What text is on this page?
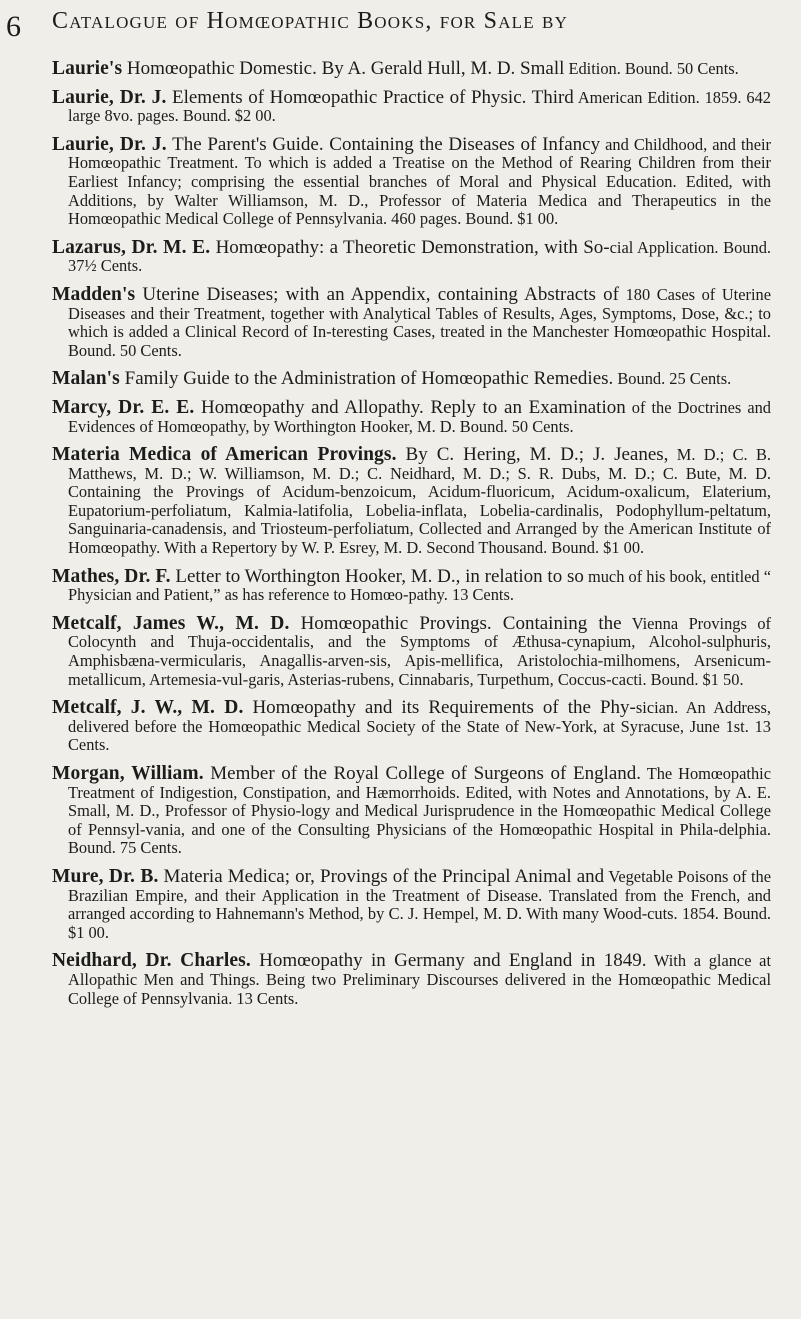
6 Catalogue of Homœopathic Books, for Sale by

Laurie's Homœopathic Domestic. By A. Gerald Hull, M. D. Small Edition. Bound. 50 Cents.

Laurie, Dr. J. Elements of Homœopathic Practice of Physic. Third American Edition. 1859. 642 large 8vo. pages. Bound. $2 00.

Laurie, Dr. J. The Parent's Guide. Containing the Diseases of Infancy and Childhood, and their Homœopathic Treatment. To which is added a Treatise on the Method of Rearing Children from their Earliest Infancy; comprising the essential branches of Moral and Physical Education. Edited, with Additions, by Walter Williamson, M. D., Professor of Materia Medica and Therapeutics in the Homœopathic Medical College of Pennsylvania. 460 pages. Bound. $1 00.

Lazarus, Dr. M. E. Homœopathy: a Theoretic Demonstration, with So-cial Application. Bound. 37½ Cents.

Madden's Uterine Diseases; with an Appendix, containing Abstracts of 180 Cases of Uterine Diseases and their Treatment, together with Analytical Tables of Results, Ages, Symptoms, Dose, &c.; to which is added a Clinical Record of In-teresting Cases, treated in the Manchester Homœopathic Hospital. Bound. 50 Cents.

Malan's Family Guide to the Administration of Homœopathic Remedies. Bound. 25 Cents.

Marcy, Dr. E. E. Homœopathy and Allopathy. Reply to an Examination of the Doctrines and Evidences of Homœopathy, by Worthington Hooker, M. D. Bound. 50 Cents.

Materia Medica of American Provings. By C. Hering, M. D.; J. Jeanes, M. D.; C. B. Matthews, M. D.; W. Williamson, M. D.; C. Neidhard, M. D.; S. R. Dubs, M. D.; C. Bute, M. D. Containing the Provings of Acidum-benzoicum, Acidum-fluoricum, Acidum-oxalicum, Elaterium, Eupatorium-perfoliatum, Kalmia-latifolia, Lobelia-inflata, Lobelia-cardinalis, Podophyllum-peltatum, Sanguinaria-canadensis, and Triosteum-perfoliatum, Collected and Arranged by the American Institute of Homœopathy. With a Repertory by W. P. Esrey, M. D. Second Thousand. Bound. $1 00.

Mathes, Dr. F. Letter to Worthington Hooker, M. D., in relation to so much of his book, entitled “ Physician and Patient,” as has reference to Homœo-pathy. 13 Cents.

Metcalf, James W., M. D. Homœopathic Provings. Containing the Vienna Provings of Colocynth and Thuja-occidentalis, and the Symptoms of Æthusa-cynapium, Alcohol-sulphuris, Amphisbæna-vermicularis, Anagallis-arven-sis, Apis-mellifica, Aristolochia-milhomens, Arsenicum-metallicum, Artemesia-vul-garis, Asterias-rubens, Cinnabaris, Turpethum, Coccus-cacti. Bound. $1 50.

Metcalf, J. W., M. D. Homœopathy and its Requirements of the Phy-sician. An Address, delivered before the Homœopathic Medical Society of the State of New-York, at Syracuse, June 1st. 13 Cents.

Morgan, William. Member of the Royal College of Surgeons of England. The Homœopathic Treatment of Indigestion, Constipation, and Hæmorrhoids. Edited, with Notes and Annotations, by A. E. Small, M. D., Professor of Physio-logy and Medical Jurisprudence in the Homœopathic Medical College of Pennsyl-vania, and one of the Consulting Physicians of the Homœopathic Hospital in Phila-delphia. Bound. 75 Cents.

Mure, Dr. B. Materia Medica; or, Provings of the Principal Animal and Vegetable Poisons of the Brazilian Empire, and their Application in the Treatment of Disease. Translated from the French, and arranged according to Hahnemann's Method, by C. J. Hempel, M. D. With many Wood-cuts. 1854. Bound. $1 00.

Neidhard, Dr. Charles. Homœopathy in Germany and England in 1849. With a glance at Allopathic Men and Things. Being two Preliminary Discourses delivered in the Homœopathic Medical College of Pennsylvania. 13 Cents.
